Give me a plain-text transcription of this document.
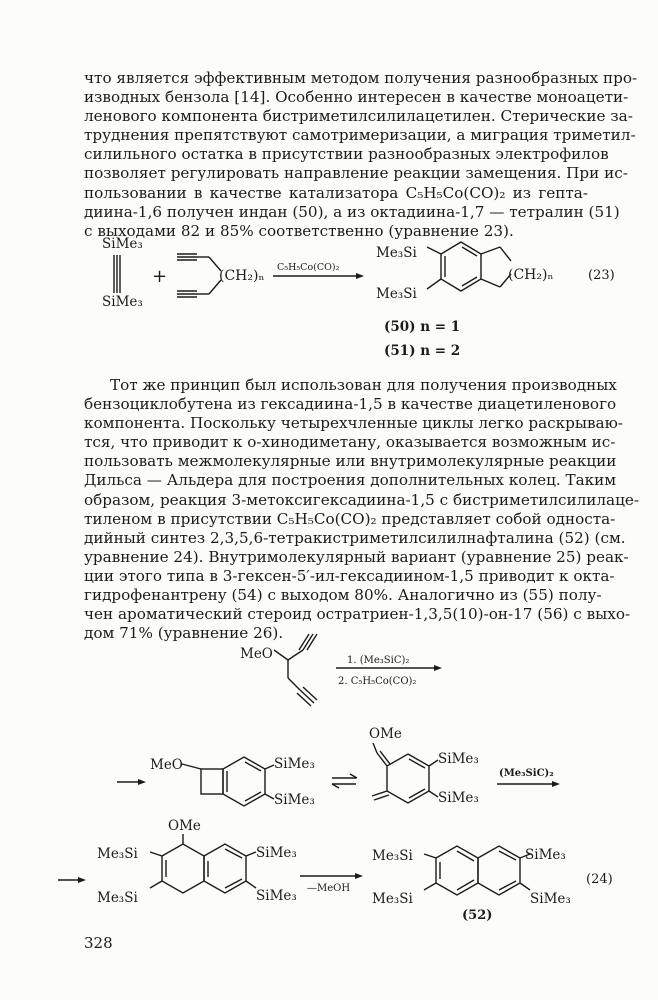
что является эффективным методом получения разнообразных про-
изводных бензола [14]. Особенно интересен в качестве моноацети-
ленового компонента бистриметилсилилацетилен. Стерические за-
труднения препятствуют самотримеризации, а миграция триметил-
силильного остатка в присутствии разнообразных электрофилов
позволяет регулировать направление реакции замещения. При ис-
пользовании в качестве катализатора C₅H₅Co(CO)₂ из гепта-
диина-1,6 получен индан (50), а из октадиина-1,7 — тетралин (51)
с выходами 82 и 85% соответственно (уравнение 23).

Тот же принцип был использован для получения производных
бензоциклобутена из гексадиина-1,5 в качестве диацетиленового
компонента. Поскольку четырехчленные циклы легко раскрываю-
тся, что приводит к о-хинодиметану, оказывается возможным ис-
пользовать межмолекулярные или внутримолекулярные реакции
Дильса — Альдера для построения дополнительных колец. Таким
образом, реакция 3-метоксигексадиина-1,5 с бистриметилсилилаце-
тиленом в присутствии C₅H₅Co(CO)₂ представляет собой односта-
дийный синтез 2,3,5,6-тетракистриметилсилилнафталина (52) (см.
уравнение 24). Внутримолекулярный вариант (уравнение 25) реак-
ции этого типа в 3-гексен-5′-ил-гексадиином-1,5 приводит к окта-
гидрофенантрену (54) с выходом 80%. Аналогично из (55) полу-
чен ароматический стероид остратриен-1,3,5(10)-он-17 (56) с выхо-
дом 71% (уравнение 26).

SiMe₃
SiMe₃
+	(CH₂)ₙ
C₅H₅Co(CO)₂
Me₃Si
Me₃Si
(CH₂)ₙ	(23)
(50) n = 1
(51) n = 2
MeO	1. (Me₃SiC)₂
2. C₅H₅Co(CO)₂
MeO	SiMe₃
SiMe₃
OMe
SiMe₃
SiMe₃
(Me₃SiC)₂
OMe
Me₃Si
Me₃Si
SiMe₃
SiMe₃ —MeOH
Me₃Si
Me₃Si
SiMe₃
SiMe₃
(52)
(24)
328
